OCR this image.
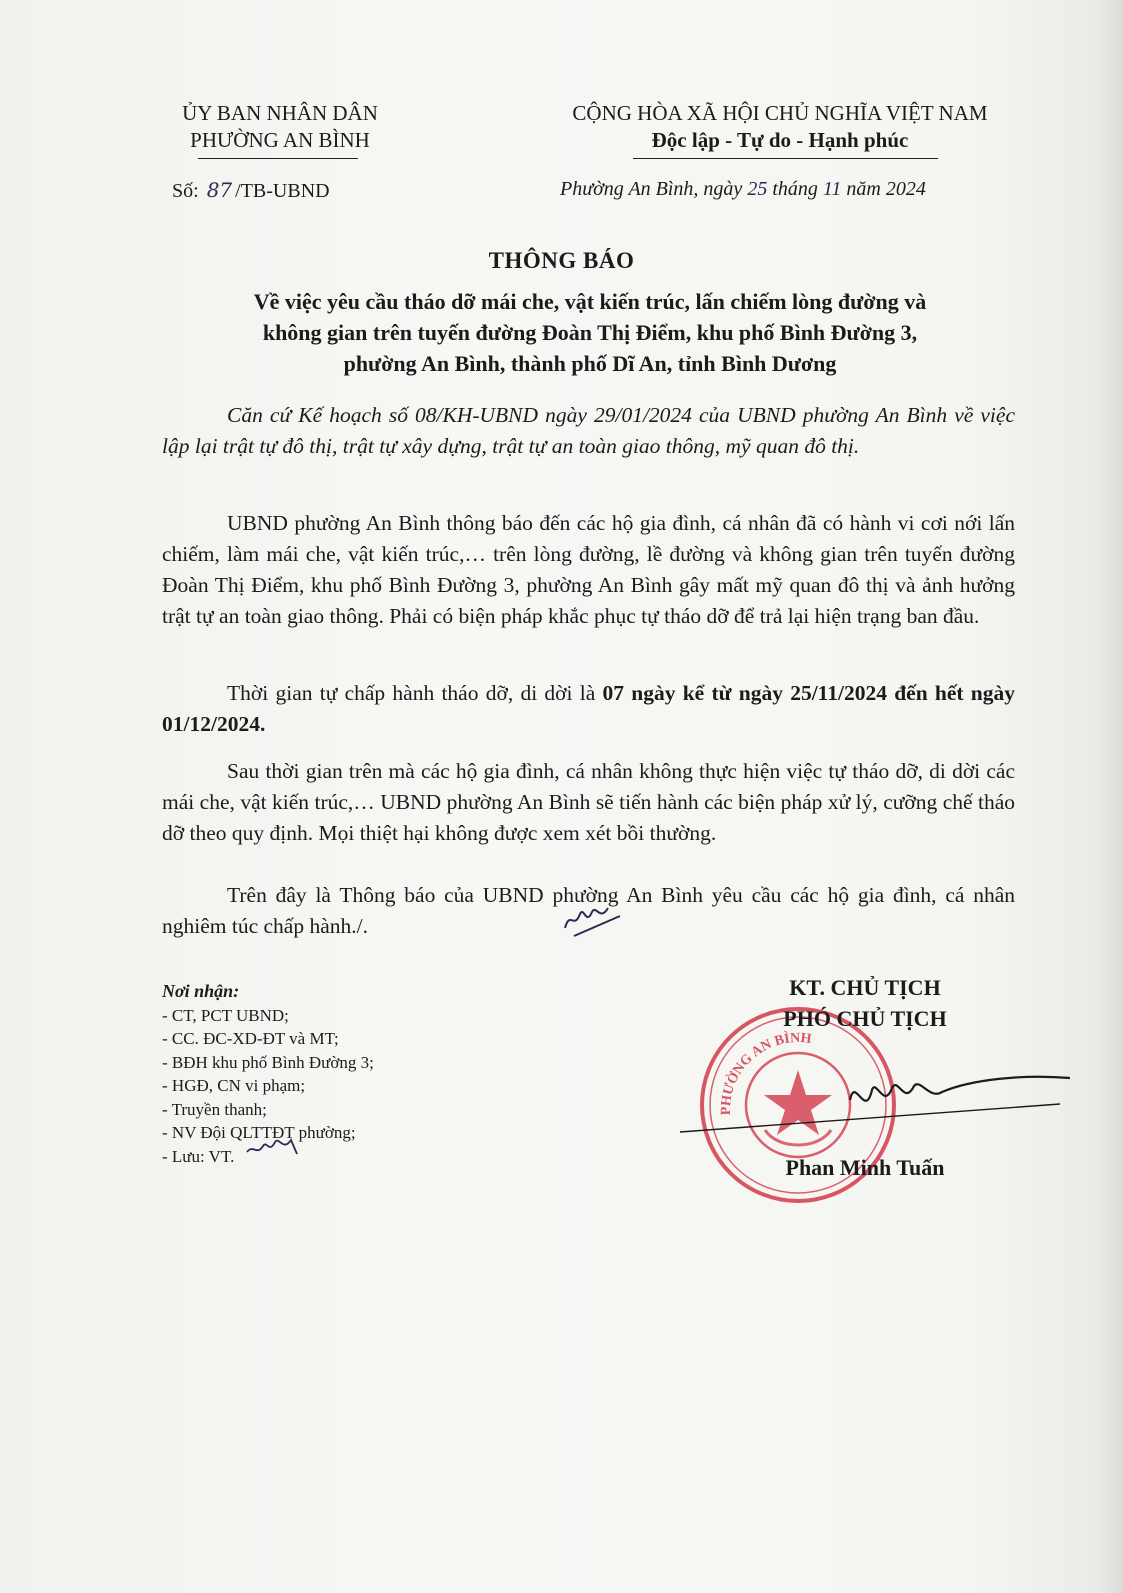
ỦY BAN NHÂN DÂN
PHƯỜNG AN BÌNH
CỘNG HÒA XÃ HỘI CHỦ NGHĨA VIỆT NAM
Độc lập - Tự do - Hạnh phúc
Số: 87 /TB-UBND	Phường An Bình, ngày 25 tháng 11 năm 2024
THÔNG BÁO
Về việc yêu cầu tháo dỡ mái che, vật kiến trúc, lấn chiếm lòng đường và
không gian trên tuyến đường Đoàn Thị Điểm, khu phố Bình Đường 3,
phường An Bình, thành phố Dĩ An, tỉnh Bình Dương
Căn cứ Kế hoạch số 08/KH-UBND ngày 29/01/2024 của UBND phường An Bình về việc lập lại trật tự đô thị, trật tự xây dựng, trật tự an toàn giao thông, mỹ quan đô thị.
UBND phường An Bình thông báo đến các hộ gia đình, cá nhân đã có hành vi cơi nới lấn chiếm, làm mái che, vật kiến trúc,… trên lòng đường, lề đường và không gian trên tuyến đường Đoàn Thị Điểm, khu phố Bình Đường 3, phường An Bình gây mất mỹ quan đô thị và ảnh hưởng trật tự an toàn giao thông. Phải có biện pháp khắc phục tự tháo dỡ để trả lại hiện trạng ban đầu.
Thời gian tự chấp hành tháo dỡ, di dời là 07 ngày kể từ ngày 25/11/2024 đến hết ngày 01/12/2024.
Sau thời gian trên mà các hộ gia đình, cá nhân không thực hiện việc tự tháo dỡ, di dời các mái che, vật kiến trúc,… UBND phường An Bình sẽ tiến hành các biện pháp xử lý, cưỡng chế tháo dỡ theo quy định. Mọi thiệt hại không được xem xét bồi thường.
Trên đây là Thông báo của UBND phường An Bình yêu cầu các hộ gia đình, cá nhân nghiêm túc chấp hành./.
Nơi nhận:
- CT, PCT UBND;
- CC. ĐC-XD-ĐT và MT;
- BĐH khu phố Bình Đường 3;
- HGĐ, CN vi phạm;
- Truyền thanh;
- NV Đội QLTTĐT phường;
- Lưu: VT.
PHƯỜNG AN BÌNH
KT. CHỦ TỊCH
PHÓ CHỦ TỊCH
Phan Minh Tuấn
